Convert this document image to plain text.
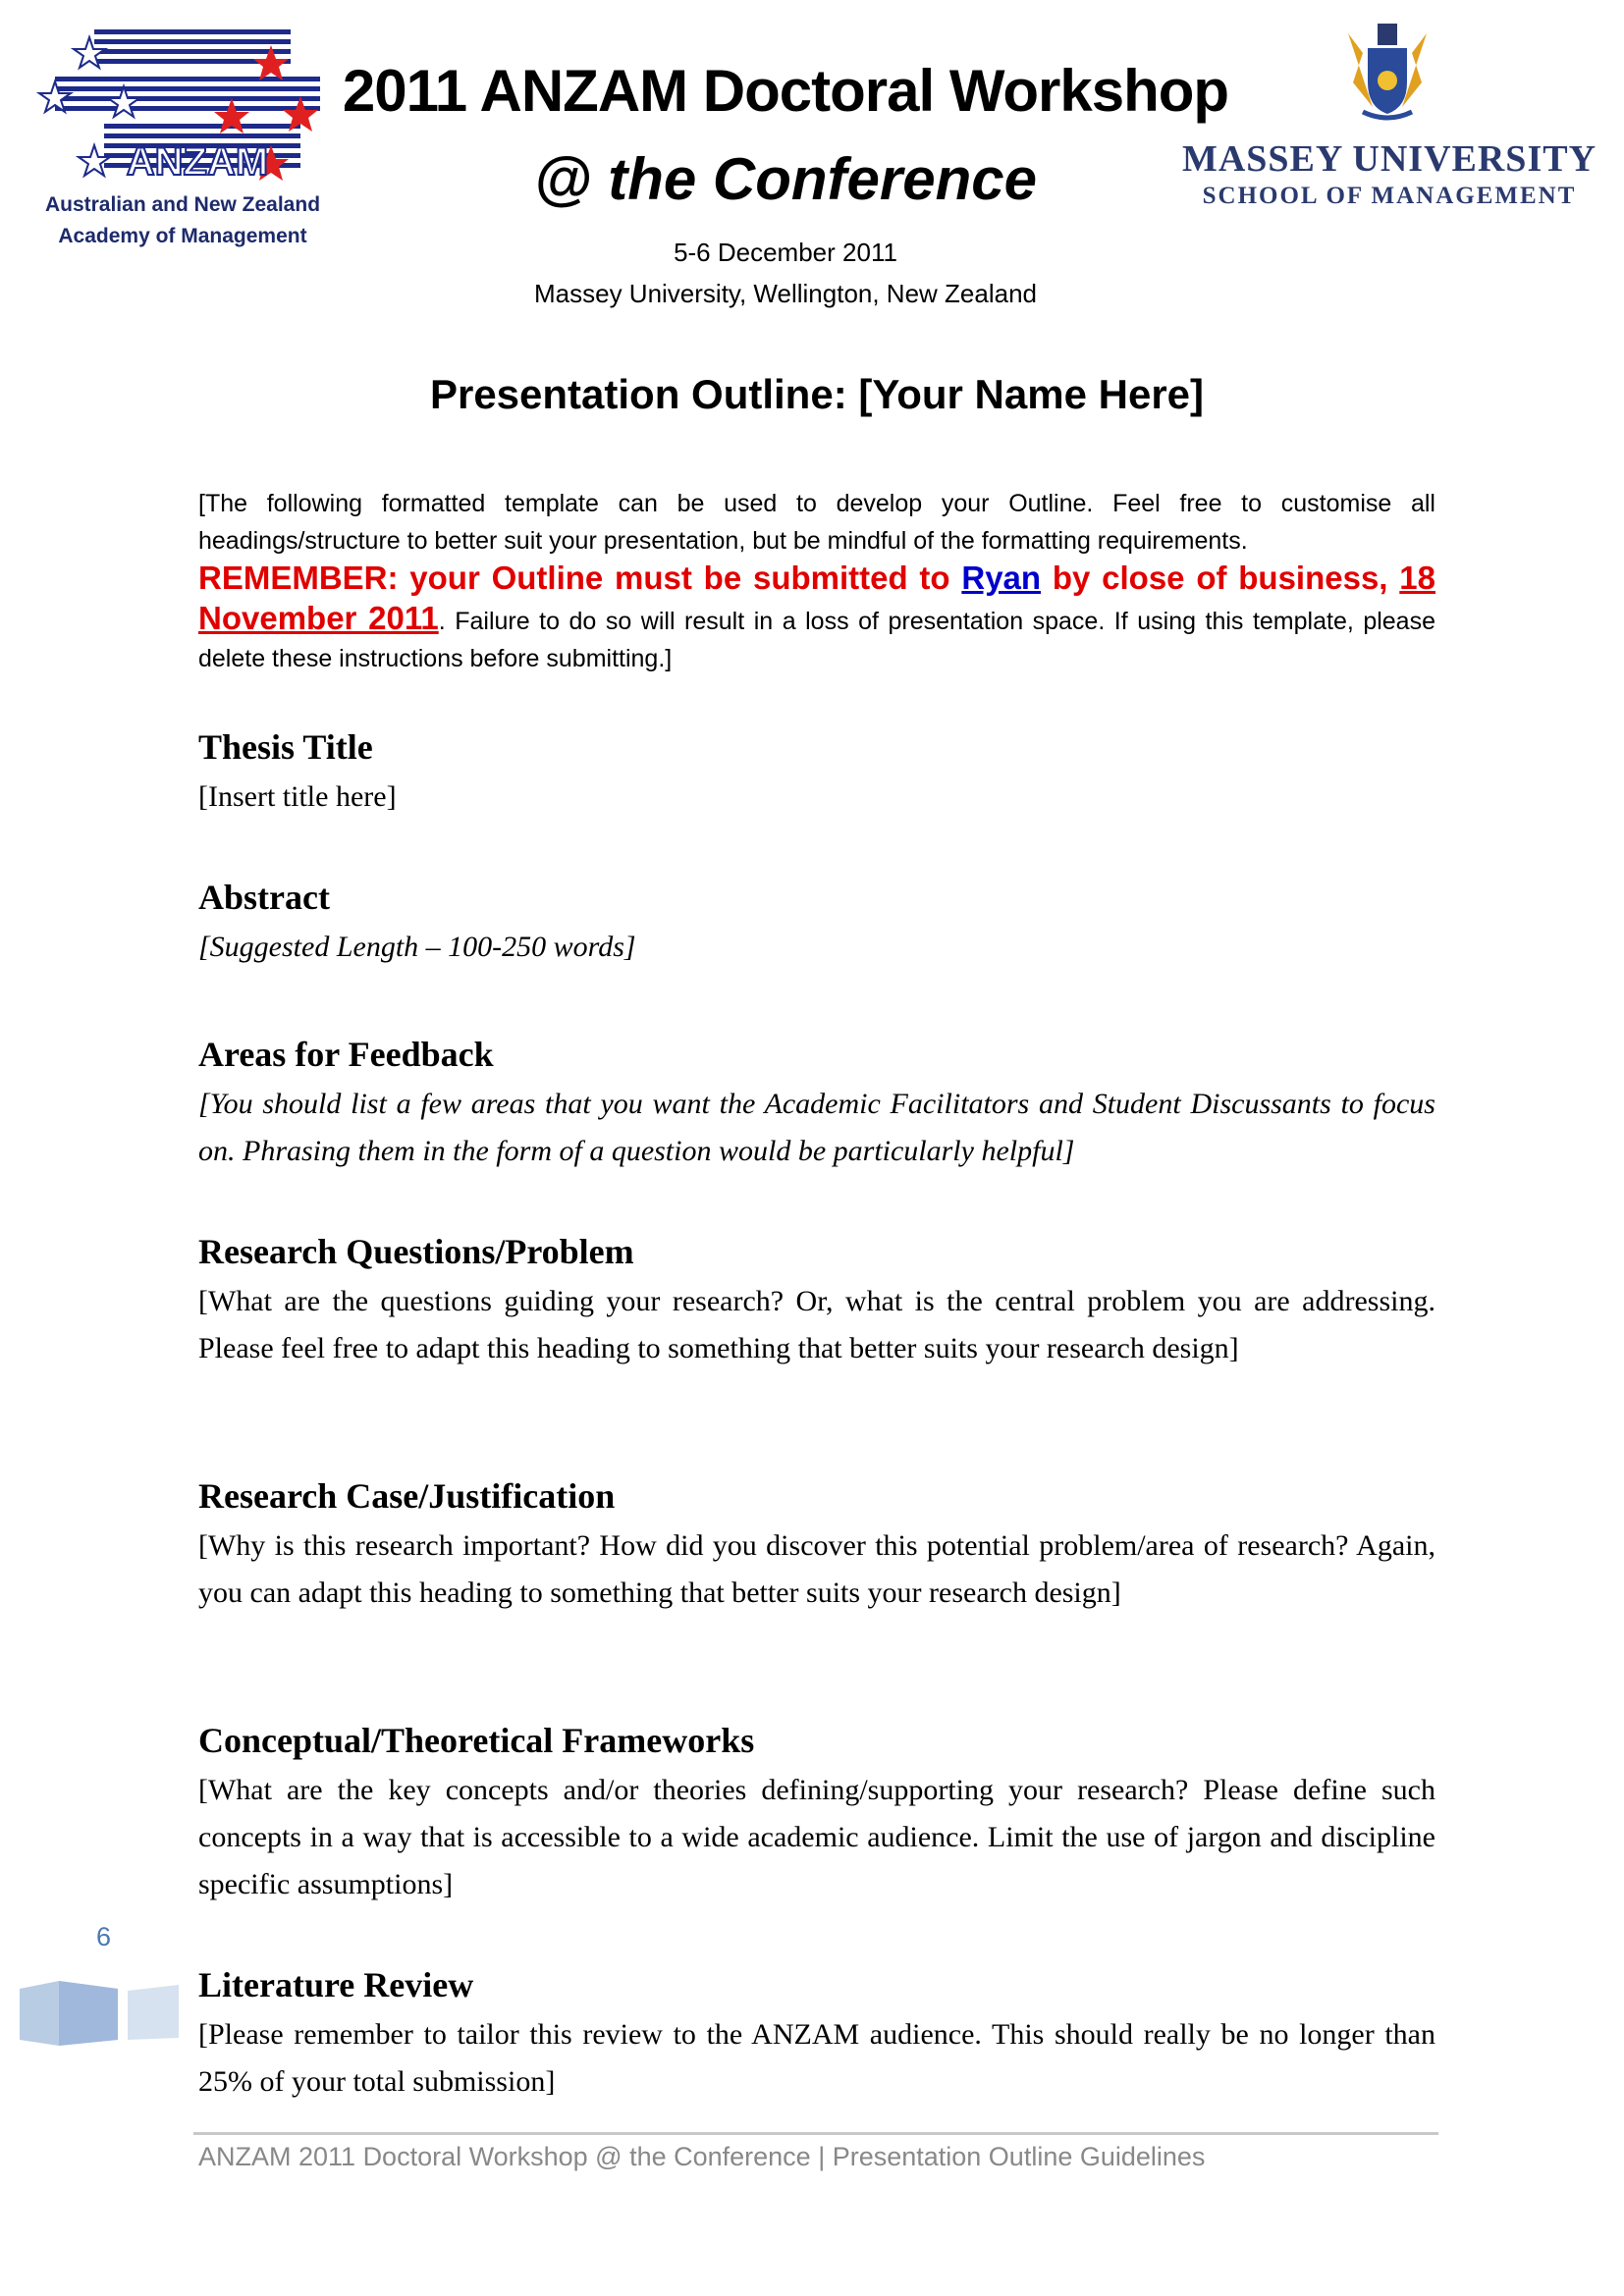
ANZAM
Australian and New Zealand
Academy of Management
2011 ANZAM Doctoral Workshop
@ the Conference
5-6 December 2011
Massey University, Wellington, New Zealand
MASSEY UNIVERSITY
SCHOOL OF MANAGEMENT
Presentation Outline: [Your Name Here]
[The following formatted template can be used to develop your Outline. Feel free to customise all headings/structure to better suit your presentation, but be mindful of the formatting requirements.
REMEMBER: your Outline must be submitted to Ryan by close of business, 18 November 2011. Failure to do so will result in a loss of presentation space. If using this template, please delete these instructions before submitting.]
Thesis Title

[Insert title here]

Abstract

[Suggested Length – 100-250 words]

Areas for Feedback

[You should list a few areas that you want the Academic Facilitators and Student Discussants to focus on. Phrasing them in the form of a question would be particularly helpful]

Research Questions/Problem

[What are the questions guiding your research? Or, what is the central problem you are addressing. Please feel free to adapt this heading to something that better suits your research design]

Research Case/Justification

[Why is this research important? How did you discover this potential problem/area of research? Again, you can adapt this heading to something that better suits your research design]

Conceptual/Theoretical Frameworks

[What are the key concepts and/or theories defining/supporting your research? Please define such concepts in a way that is accessible to a wide academic audience. Limit the use of jargon and discipline specific assumptions]

Literature Review

[Please remember to tailor this review to the ANZAM audience. This should really be no longer than 25% of your total submission]

6
ANZAM 2011 Doctoral Workshop @ the Conference | Presentation Outline Guidelines
